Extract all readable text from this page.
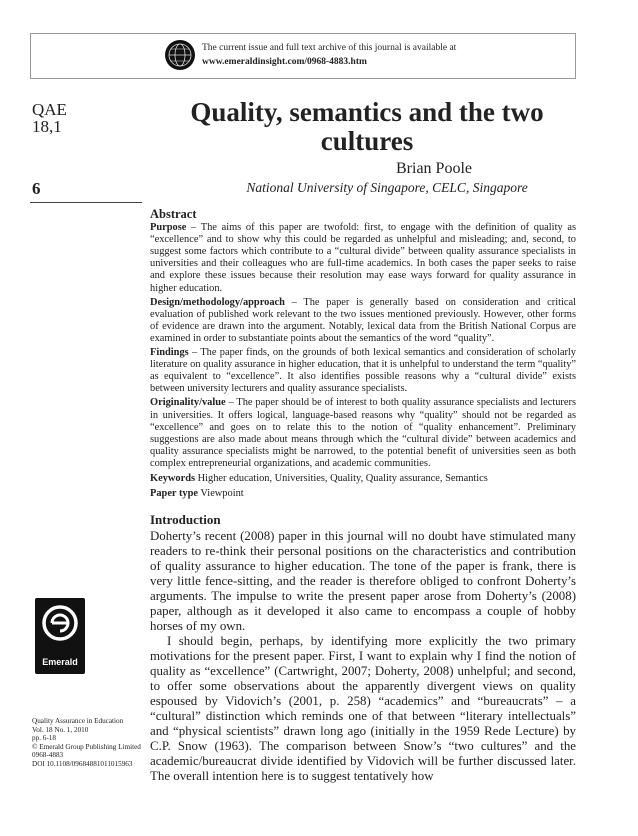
The current issue and full text archive of this journal is available at
www.emeraldinsight.com/0968-4883.htm
QAE
18,1
6
Quality, semantics and the two cultures
Brian Poole
National University of Singapore, CELC, Singapore
Abstract

Purpose – The aims of this paper are twofold: first, to engage with the definition of quality as “excellence” and to show why this could be regarded as unhelpful and misleading; and, second, to suggest some factors which contribute to a “cultural divide” between quality assurance specialists in universities and their colleagues who are full-time academics. In both cases the paper seeks to raise and explore these issues because their resolution may ease ways forward for quality assurance in higher education.

Design/methodology/approach – The paper is generally based on consideration and critical evaluation of published work relevant to the two issues mentioned previously. However, other forms of evidence are drawn into the argument. Notably, lexical data from the British National Corpus are examined in order to substantiate points about the semantics of the word “quality”.

Findings – The paper finds, on the grounds of both lexical semantics and consideration of scholarly literature on quality assurance in higher education, that it is unhelpful to understand the term “quality” as equivalent to “excellence”. It also identifies possible reasons why a “cultural divide” exists between university lecturers and quality assurance specialists.

Originality/value – The paper should be of interest to both quality assurance specialists and lecturers in universities. It offers logical, language-based reasons why “quality” should not be regarded as “excellence” and goes on to relate this to the notion of “quality enhancement”. Preliminary suggestions are also made about means through which the “cultural divide” between academics and quality assurance specialists might be narrowed, to the potential benefit of universities seen as both complex entrepreneurial organizations, and academic communities.

Keywords Higher education, Universities, Quality, Quality assurance, Semantics

Paper type Viewpoint

Introduction

Doherty’s recent (2008) paper in this journal will no doubt have stimulated many readers to re-think their personal positions on the characteristics and contribution of quality assurance to higher education. The tone of the paper is frank, there is very little fence-sitting, and the reader is therefore obliged to confront Doherty’s arguments. The impulse to write the present paper arose from Doherty’s (2008) paper, although as it developed it also came to encompass a couple of hobby horses of my own.

I should begin, perhaps, by identifying more explicitly the two primary motivations for the present paper. First, I want to explain why I find the notion of quality as “excellence” (Cartwright, 2007; Doherty, 2008) unhelpful; and second, to offer some observations about the apparently divergent views on quality espoused by Vidovich’s (2001, p. 258) “academics” and “bureaucrats” – a “cultural” distinction which reminds one of that between “literary intellectuals” and “physical scientists” drawn long ago (initially in the 1959 Rede Lecture) by C.P. Snow (1963). The comparison between Snow’s “two cultures” and the academic/bureaucrat divide identified by Vidovich will be further discussed later. The overall intention here is to suggest tentatively how

Emerald
Quality Assurance in Education
Vol. 18 No. 1, 2010
pp. 6-18
© Emerald Group Publishing Limited
0968-4883
DOI 10.1108/09684881011015963
